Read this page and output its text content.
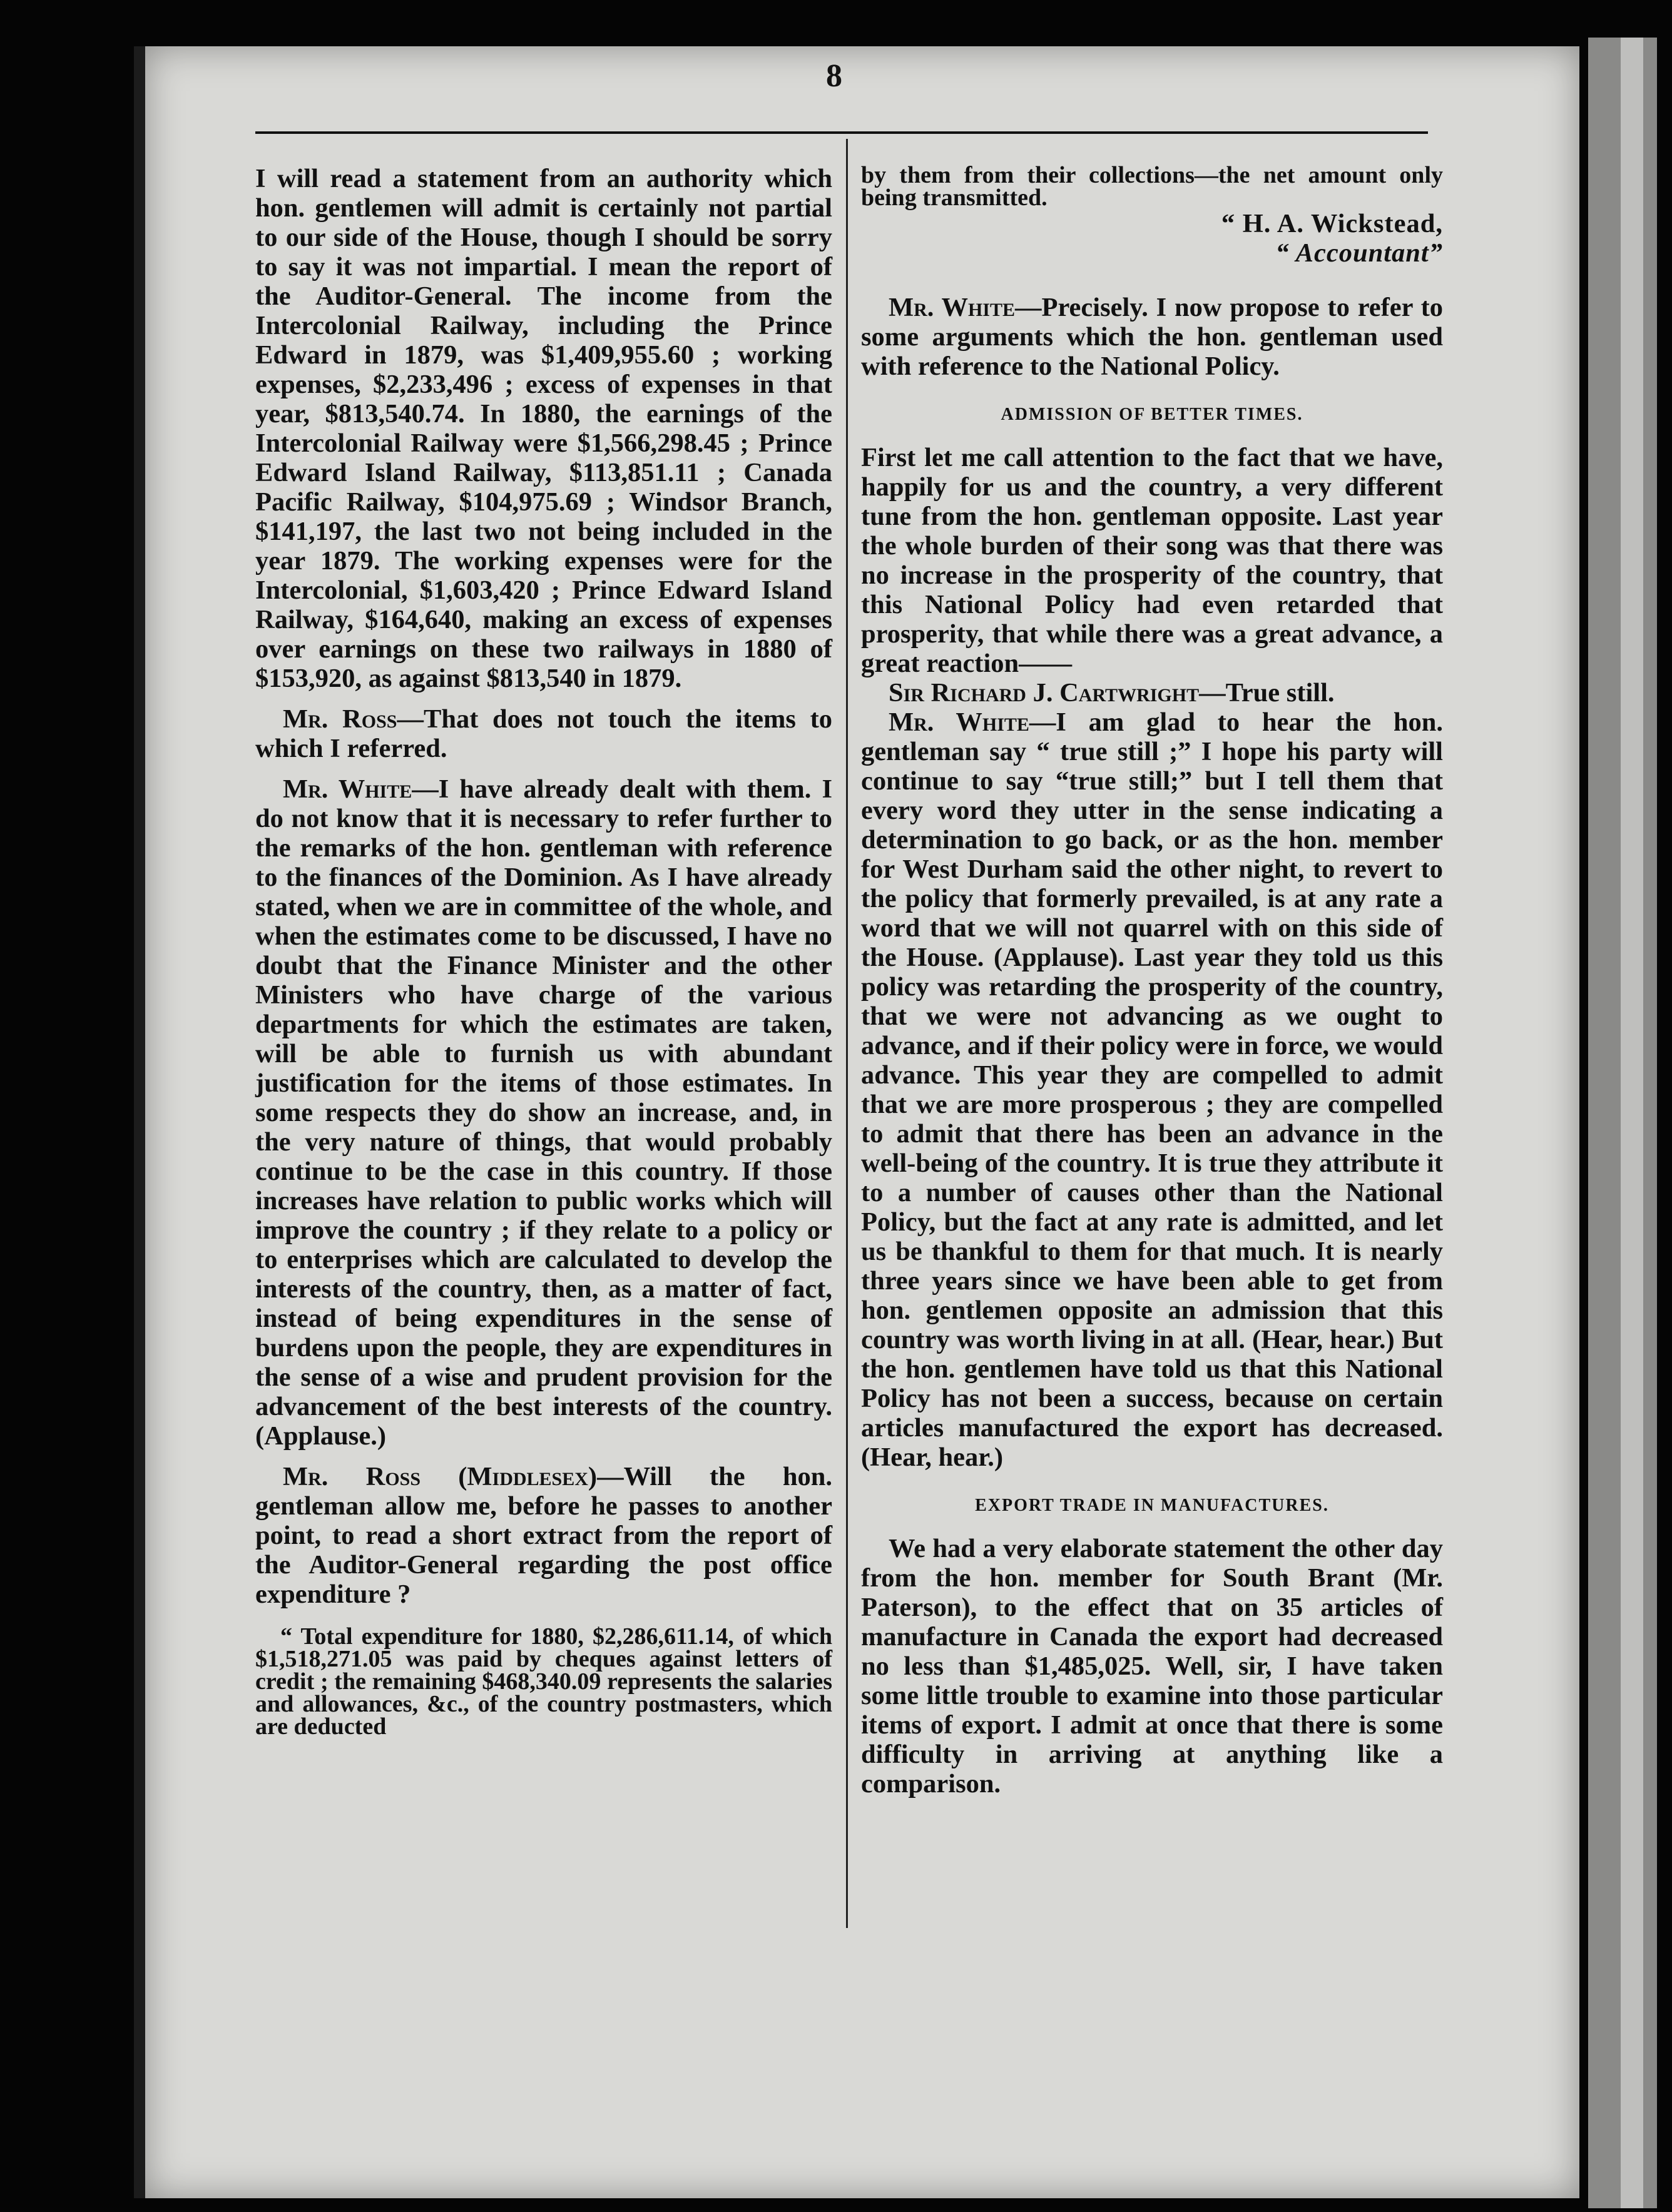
8

I will read a statement from an authority which hon. gentlemen will admit is certainly not partial to our side of the House, though I should be sorry to say it was not impartial. I mean the report of the Auditor-General. The income from the Intercolonial Railway, including the Prince Edward in 1879, was $1,409,955.60 ; working expenses, $2,233,496 ; excess of expenses in that year, $813,540.74. In 1880, the earnings of the Intercolonial Railway were $1,566,298.45 ; Prince Edward Island Railway, $113,851.11 ; Canada Pacific Railway, $104,975.69 ; Windsor Branch, $141,197, the last two not being included in the year 1879. The working expenses were for the Intercolonial, $1,603,420 ; Prince Edward Island Railway, $164,640, making an excess of expenses over earnings on these two railways in 1880 of $153,920, as against $813,540 in 1879.

Mr. Ross—That does not touch the items to which I referred.

Mr. White—I have already dealt with them. I do not know that it is necessary to refer further to the remarks of the hon. gentleman with reference to the finances of the Dominion. As I have already stated, when we are in committee of the whole, and when the estimates come to be discussed, I have no doubt that the Finance Minister and the other Ministers who have charge of the various departments for which the estimates are taken, will be able to furnish us with abundant justification for the items of those estimates. In some respects they do show an increase, and, in the very nature of things, that would probably continue to be the case in this country. If those increases have relation to public works which will improve the country ; if they relate to a policy or to enterprises which are calculated to develop the interests of the country, then, as a matter of fact, instead of being expenditures in the sense of burdens upon the people, they are expenditures in the sense of a wise and prudent provision for the advancement of the best interests of the country. (Applause.)

Mr. Ross (Middlesex)—Will the hon. gentleman allow me, before he passes to another point, to read a short extract from the report of the Auditor-General regarding the post office expenditure ?

“ Total expenditure for 1880, $2,286,611.14, of which $1,518,271.05 was paid by cheques against letters of credit ; the remaining $468,340.09 represents the salaries and allowances, &c., of the country postmasters, which are deducted

by them from their collections—the net amount only being transmitted.

“ H. A. Wickstead,

“ Accountant”

Mr. White—Precisely. I now propose to refer to some arguments which the hon. gentleman used with reference to the National Policy.

ADMISSION OF BETTER TIMES.

First let me call attention to the fact that we have, happily for us and the country, a very different tune from the hon. gentleman opposite. Last year the whole burden of their song was that there was no increase in the prosperity of the country, that this National Policy had even retarded that prosperity, that while there was a great advance, a great reaction——

Sir Richard J. Cartwright—True still.

Mr. White—I am glad to hear the hon. gentleman say “ true still ;” I hope his party will continue to say “true still;” but I tell them that every word they utter in the sense indicating a determination to go back, or as the hon. member for West Durham said the other night, to revert to the policy that formerly prevailed, is at any rate a word that we will not quarrel with on this side of the House. (Applause). Last year they told us this policy was retarding the prosperity of the country, that we were not advancing as we ought to advance, and if their policy were in force, we would advance. This year they are compelled to admit that we are more prosperous ; they are compelled to admit that there has been an advance in the well-being of the country. It is true they attribute it to a number of causes other than the National Policy, but the fact at any rate is admitted, and let us be thankful to them for that much. It is nearly three years since we have been able to get from hon. gentlemen opposite an admission that this country was worth living in at all. (Hear, hear.) But the hon. gentlemen have told us that this National Policy has not been a success, because on certain articles manufactured the export has decreased. (Hear, hear.)

EXPORT TRADE IN MANUFACTURES.

We had a very elaborate statement the other day from the hon. member for South Brant (Mr. Paterson), to the effect that on 35 articles of manufacture in Canada the export had decreased no less than $1,485,025. Well, sir, I have taken some little trouble to examine into those particular items of export. I admit at once that there is some difficulty in arriving at anything like a comparison.
